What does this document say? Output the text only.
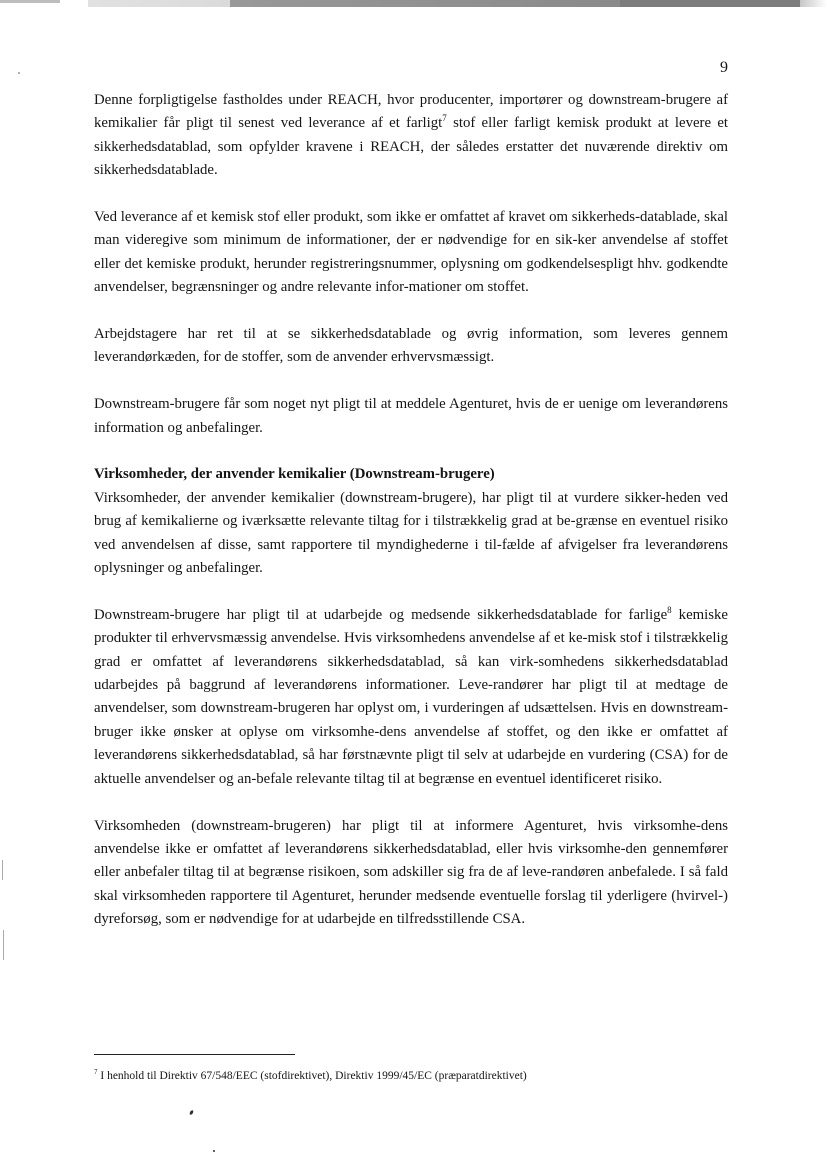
9

Denne forpligtigelse fastholdes under REACH, hvor producenter, importører og downstream-brugere af kemikalier får pligt til senest ved leverance af et farligt$^7$ stof eller farligt kemisk produkt at levere et sikkerhedsdatablad, som opfylder kravene i REACH, der således erstatter det nuværende direktiv om sikkerhedsdatablade.

Ved leverance af et kemisk stof eller produkt, som ikke er omfattet af kravet om sikkerheds-datablade, skal man videregive som minimum de informationer, der er nødvendige for en sik-ker anvendelse af stoffet eller det kemiske produkt, herunder registreringsnummer, oplysning om godkendelsespligt hhv. godkendte anvendelser, begrænsninger og andre relevante infor-mationer om stoffet.

Arbejdstagere har ret til at se sikkerhedsdatablade og øvrig information, som leveres gennem leverandørkæden, for de stoffer, som de anvender erhvervsmæssigt.

Downstream-brugere får som noget nyt pligt til at meddele Agenturet, hvis de er uenige om leverandørens information og anbefalinger.

Virksomheder, der anvender kemikalier (Downstream-brugere)

Virksomheder, der anvender kemikalier (downstream-brugere), har pligt til at vurdere sikker-heden ved brug af kemikalierne og iværksætte relevante tiltag for i tilstrækkelig grad at be-grænse en eventuel risiko ved anvendelsen af disse, samt rapportere til myndighederne i til-fælde af afvigelser fra leverandørens oplysninger og anbefalinger.

Downstream-brugere har pligt til at udarbejde og medsende sikkerhedsdatablade for farlige$^8$ kemiske produkter til erhvervsmæssig anvendelse. Hvis virksomhedens anvendelse af et ke-misk stof i tilstrækkelig grad er omfattet af leverandørens sikkerhedsdatablad, så kan virk-somhedens sikkerhedsdatablad udarbejdes på baggrund af leverandørens informationer. Leve-randører har pligt til at medtage de anvendelser, som downstream-brugeren har oplyst om, i vurderingen af udsættelsen. Hvis en downstream-bruger ikke ønsker at oplyse om virksomhe-dens anvendelse af stoffet, og den ikke er omfattet af leverandørens sikkerhedsdatablad, så har førstnævnte pligt til selv at udarbejde en vurdering (CSA) for de aktuelle anvendelser og an-befale relevante tiltag til at begrænse en eventuel identificeret risiko.

Virksomheden (downstream-brugeren) har pligt til at informere Agenturet, hvis virksomhe-dens anvendelse ikke er omfattet af leverandørens sikkerhedsdatablad, eller hvis virksomhe-den gennemfører eller anbefaler tiltag til at begrænse risikoen, som adskiller sig fra de af leve-randøren anbefalede. I så fald skal virksomheden rapportere til Agenturet, herunder medsende eventuelle forslag til yderligere (hvirvel-) dyreforsøg, som er nødvendige for at udarbejde en tilfredsstillende CSA.

$^7$ I henhold til Direktiv 67/548/EEC (stofdirektivet), Direktiv 1999/45/EC (præparatdirektivet)
